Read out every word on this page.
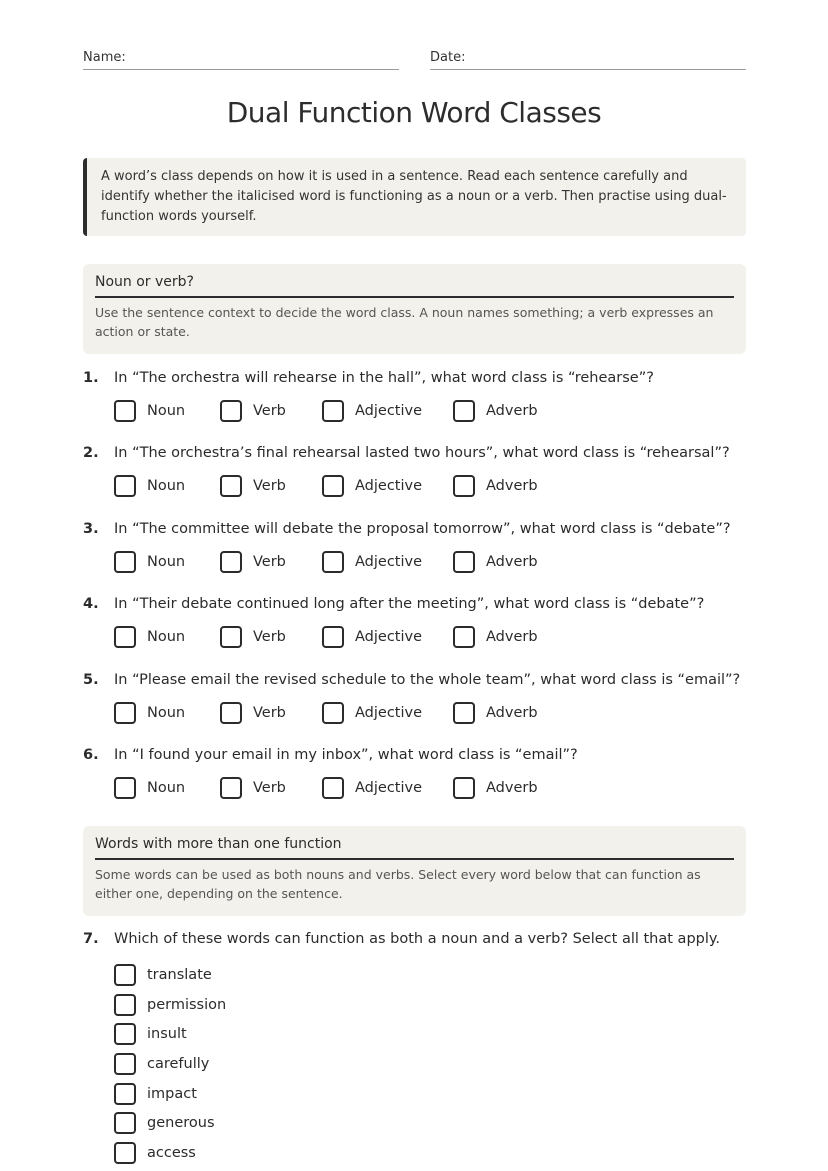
Name:	Date:
Dual Function Word Classes
A word’s class depends on how it is used in a sentence. Read each sentence carefully and identify whether the italicised word is functioning as a noun or a verb. Then practise using dual-function words yourself.
Noun or verb?
Use the sentence context to decide the word class. A noun names something; a verb expresses an action or state.
1.	In “The orchestra will rehearse in the hall”, what word class is “rehearse”?
Noun	Verb	Adjective	Adverb
2.	In “The orchestra’s final rehearsal lasted two hours”, what word class is “rehearsal”?
Noun	Verb	Adjective	Adverb
3.	In “The committee will debate the proposal tomorrow”, what word class is “debate”?
Noun	Verb	Adjective	Adverb
4.	In “Their debate continued long after the meeting”, what word class is “debate”?
Noun	Verb	Adjective	Adverb
5.	In “Please email the revised schedule to the whole team”, what word class is “email”?
Noun	Verb	Adjective	Adverb
6.	In “I found your email in my inbox”, what word class is “email”?
Noun	Verb	Adjective	Adverb
Words with more than one function
Some words can be used as both nouns and verbs. Select every word below that can function as either one, depending on the sentence.
7.	Which of these words can function as both a noun and a verb? Select all that apply.
translate
permission
insult
carefully
impact
generous
access
